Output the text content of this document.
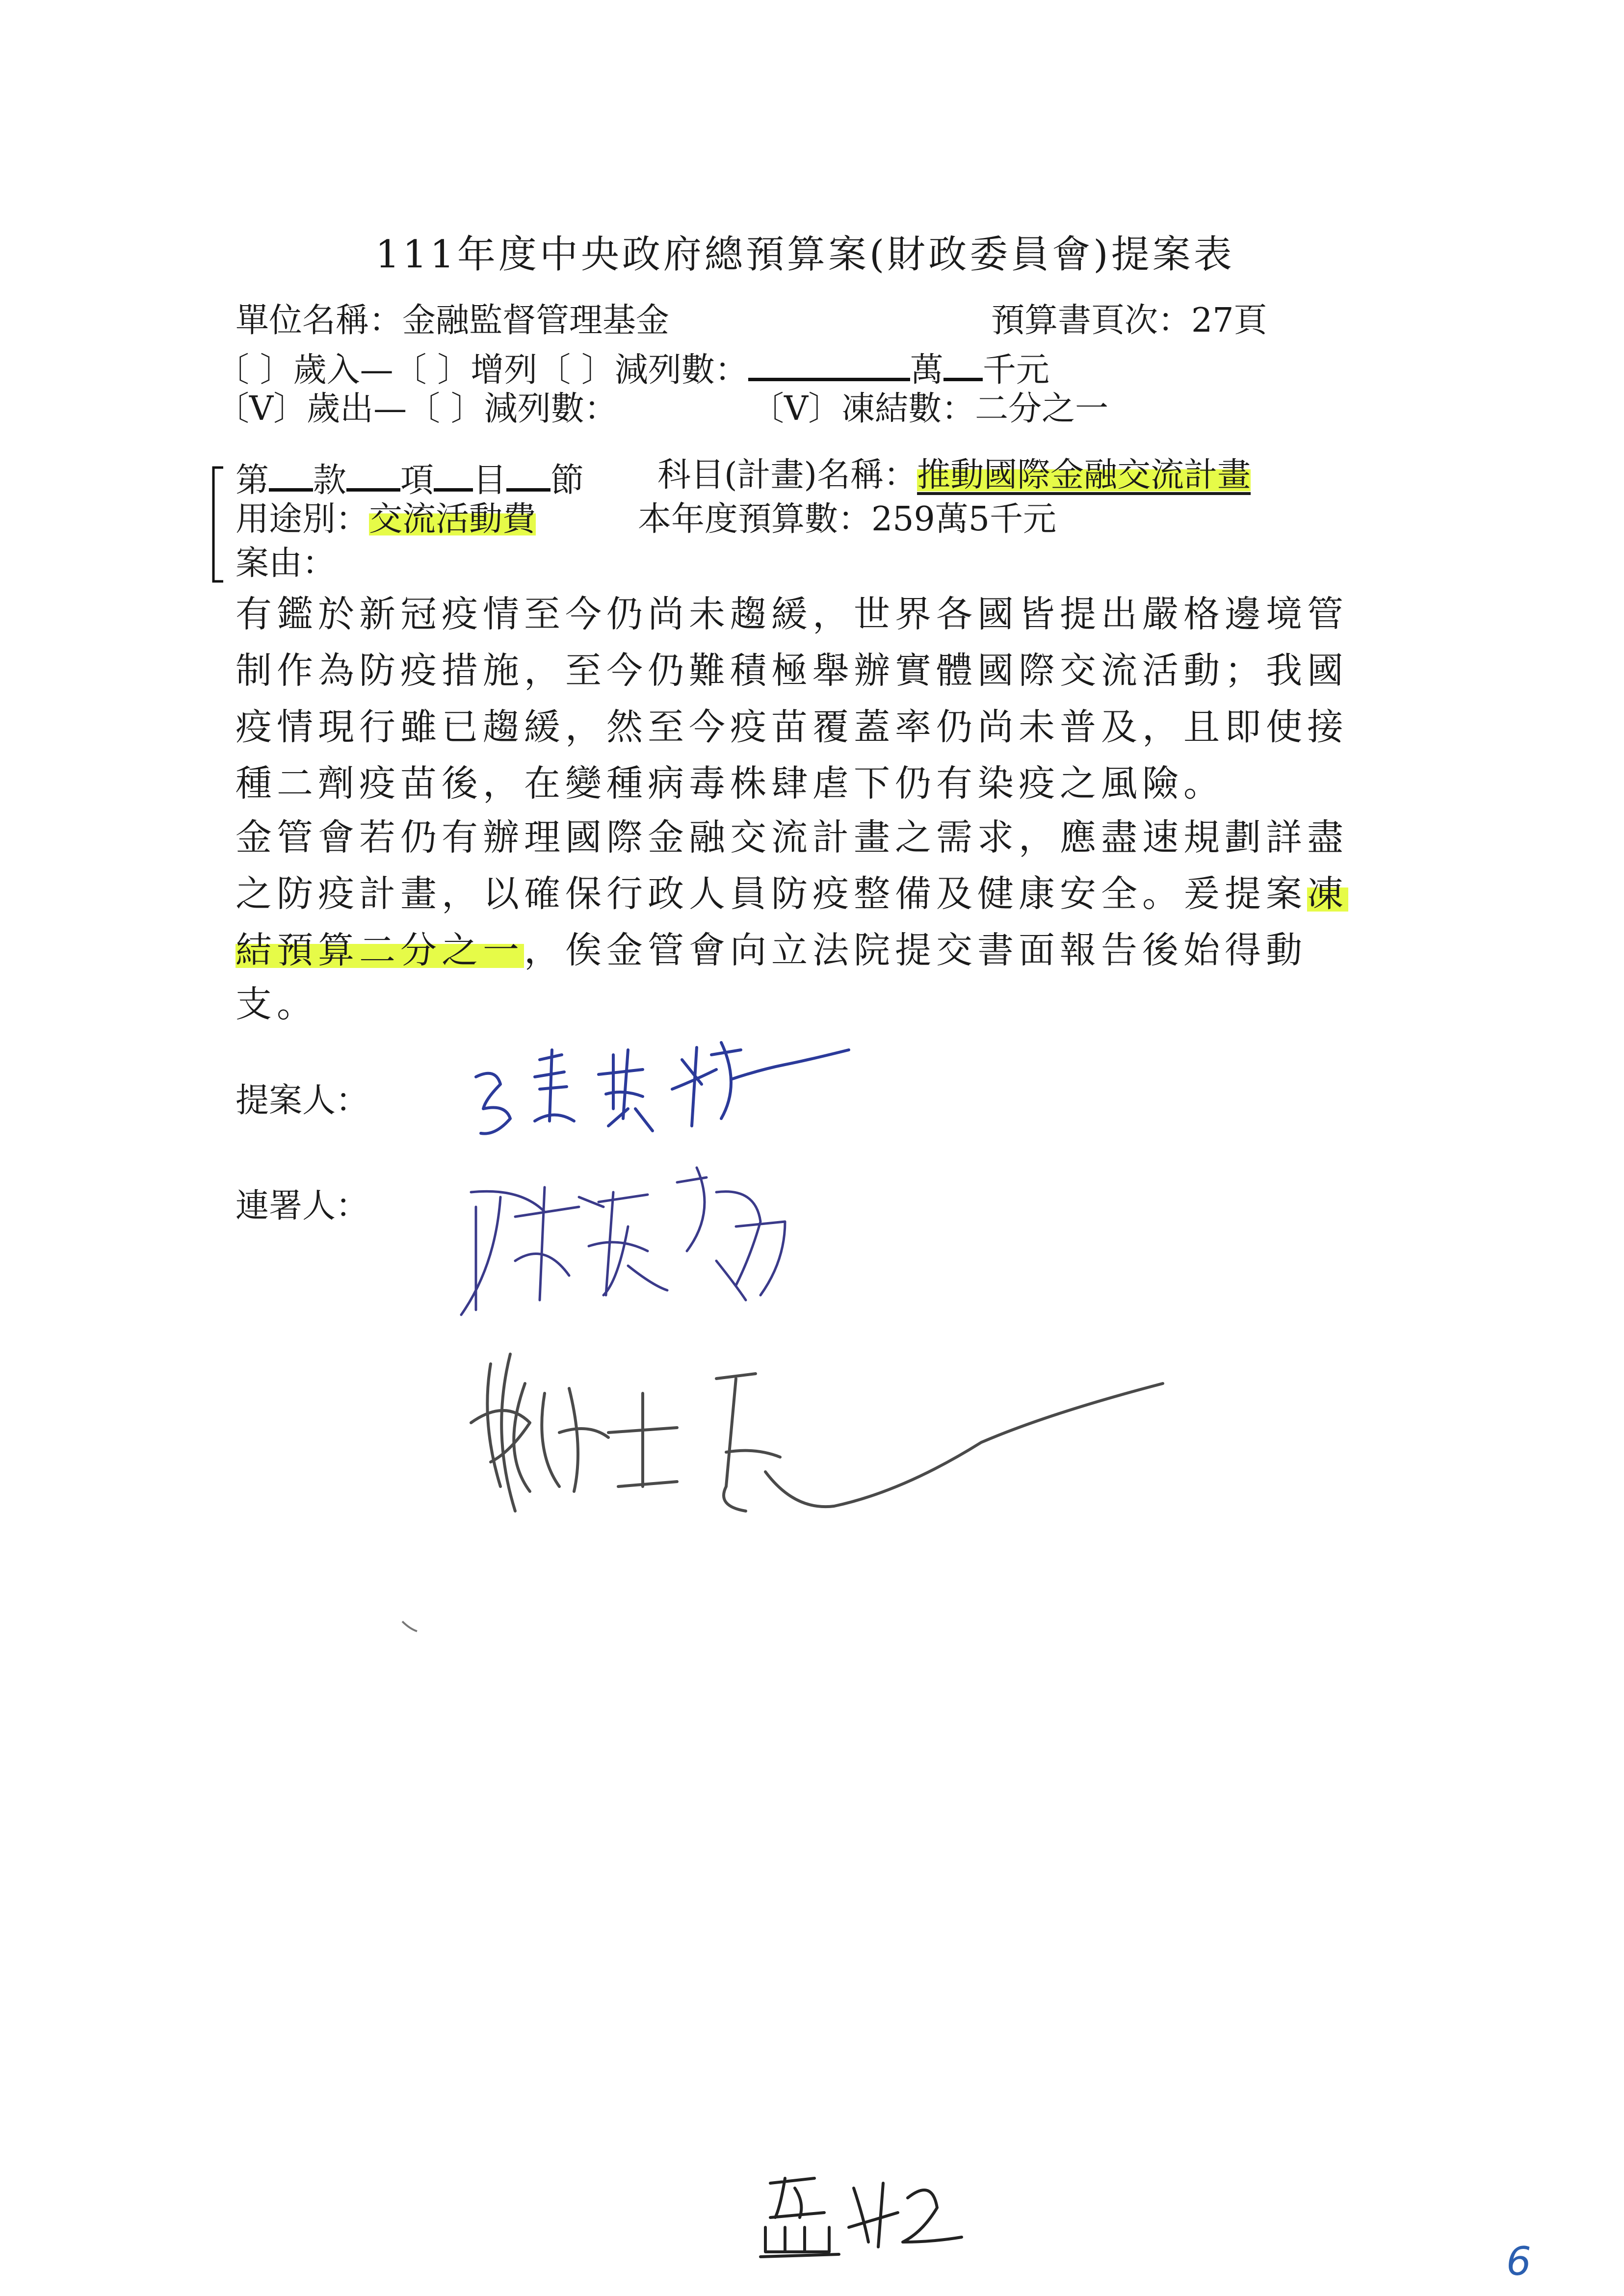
111年度中央政府總預算案(財政委員會)提案表
單位名稱：金融監督管理基金	預算書頁次：27頁
〔 〕歲入—〔 〕增列〔 〕減列數：	萬 千元
〔V〕歲出—〔 〕減列數：	〔V〕凍結數：二分之一
第 款 項 目 節 科目(計畫)名稱：推動國際金融交流計畫
用途別：交流活動費	本年度預算數：259萬5千元
案由：
有鑑於新冠疫情至今仍尚未趨緩，世界各國皆提出嚴格邊境管
制作為防疫措施，至今仍難積極舉辦實體國際交流活動；我國
疫情現行雖已趨緩，然至今疫苗覆蓋率仍尚未普及，且即使接
種二劑疫苗後，在變種病毒株肆虐下仍有染疫之風險。
金管會若仍有辦理國際金融交流計畫之需求，應盡速規劃詳盡
之防疫計畫，以確保行政人員防疫整備及健康安全。爰提案凍
結預算二分之一，俟金管會向立法院提交書面報告後始得動
支。
提案人：
連署人：
6
